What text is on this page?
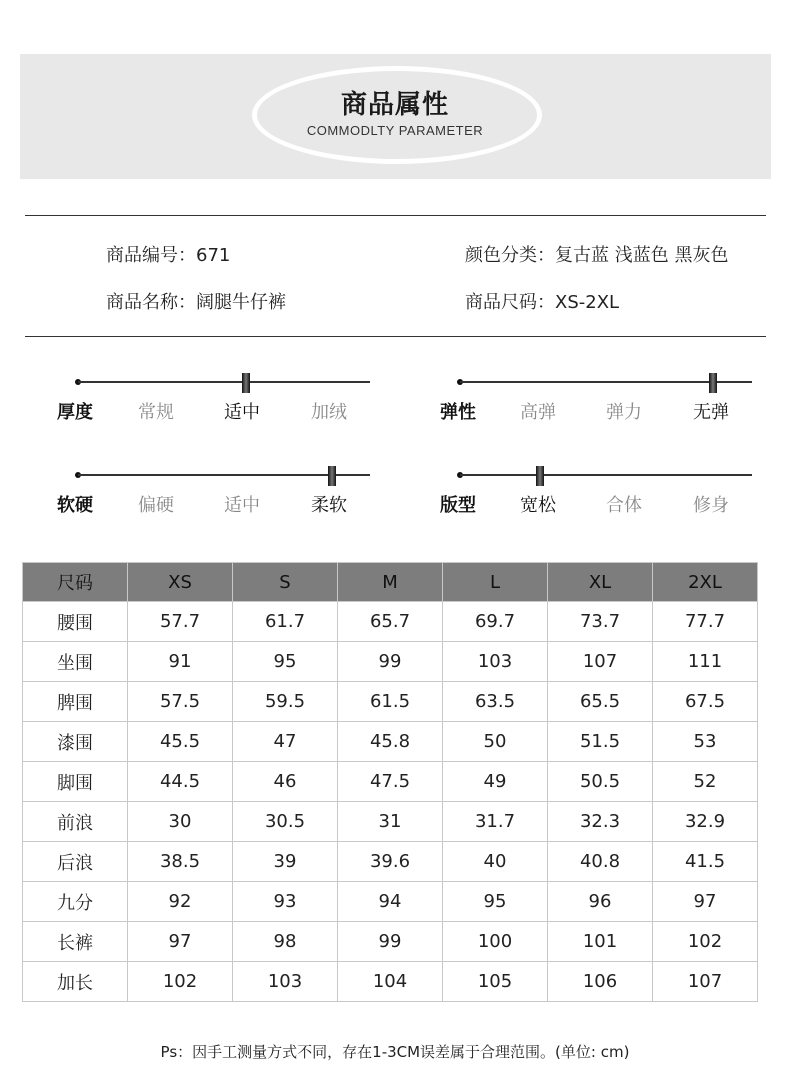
商品属性
COMMODLTY PARAMETER
商品编号：671	颜色分类：复古蓝 浅蓝色 黑灰色
商品名称：阔腿牛仔裤	商品尺码：XS-2XL
厚度	常规	适中	加绒	弹性 高弹	弹力	无弹
软硬	偏硬	适中	柔软	版型 宽松	合体	修身
尺码	XS	S	M	L	XL	2XL
腰围	57.7	61.7	65.7	69.7	73.7	77.7
坐围	91	95	99	103	107	111
脾围	57.5	59.5	61.5	63.5	65.5	67.5
漆围	45.5	47	45.8	50	51.5	53
脚围	44.5	46	47.5	49	50.5	52
前浪	30	30.5	31	31.7	32.3	32.9
后浪	38.5	39	39.6	40	40.8	41.5
九分	92	93	94	95	96	97
长裤	97	98	99	100	101	102
加长	102	103	104	105	106	107
Ps：因手工测量方式不同，存在1-3CM误差属于合理范围。(单位: cm)
